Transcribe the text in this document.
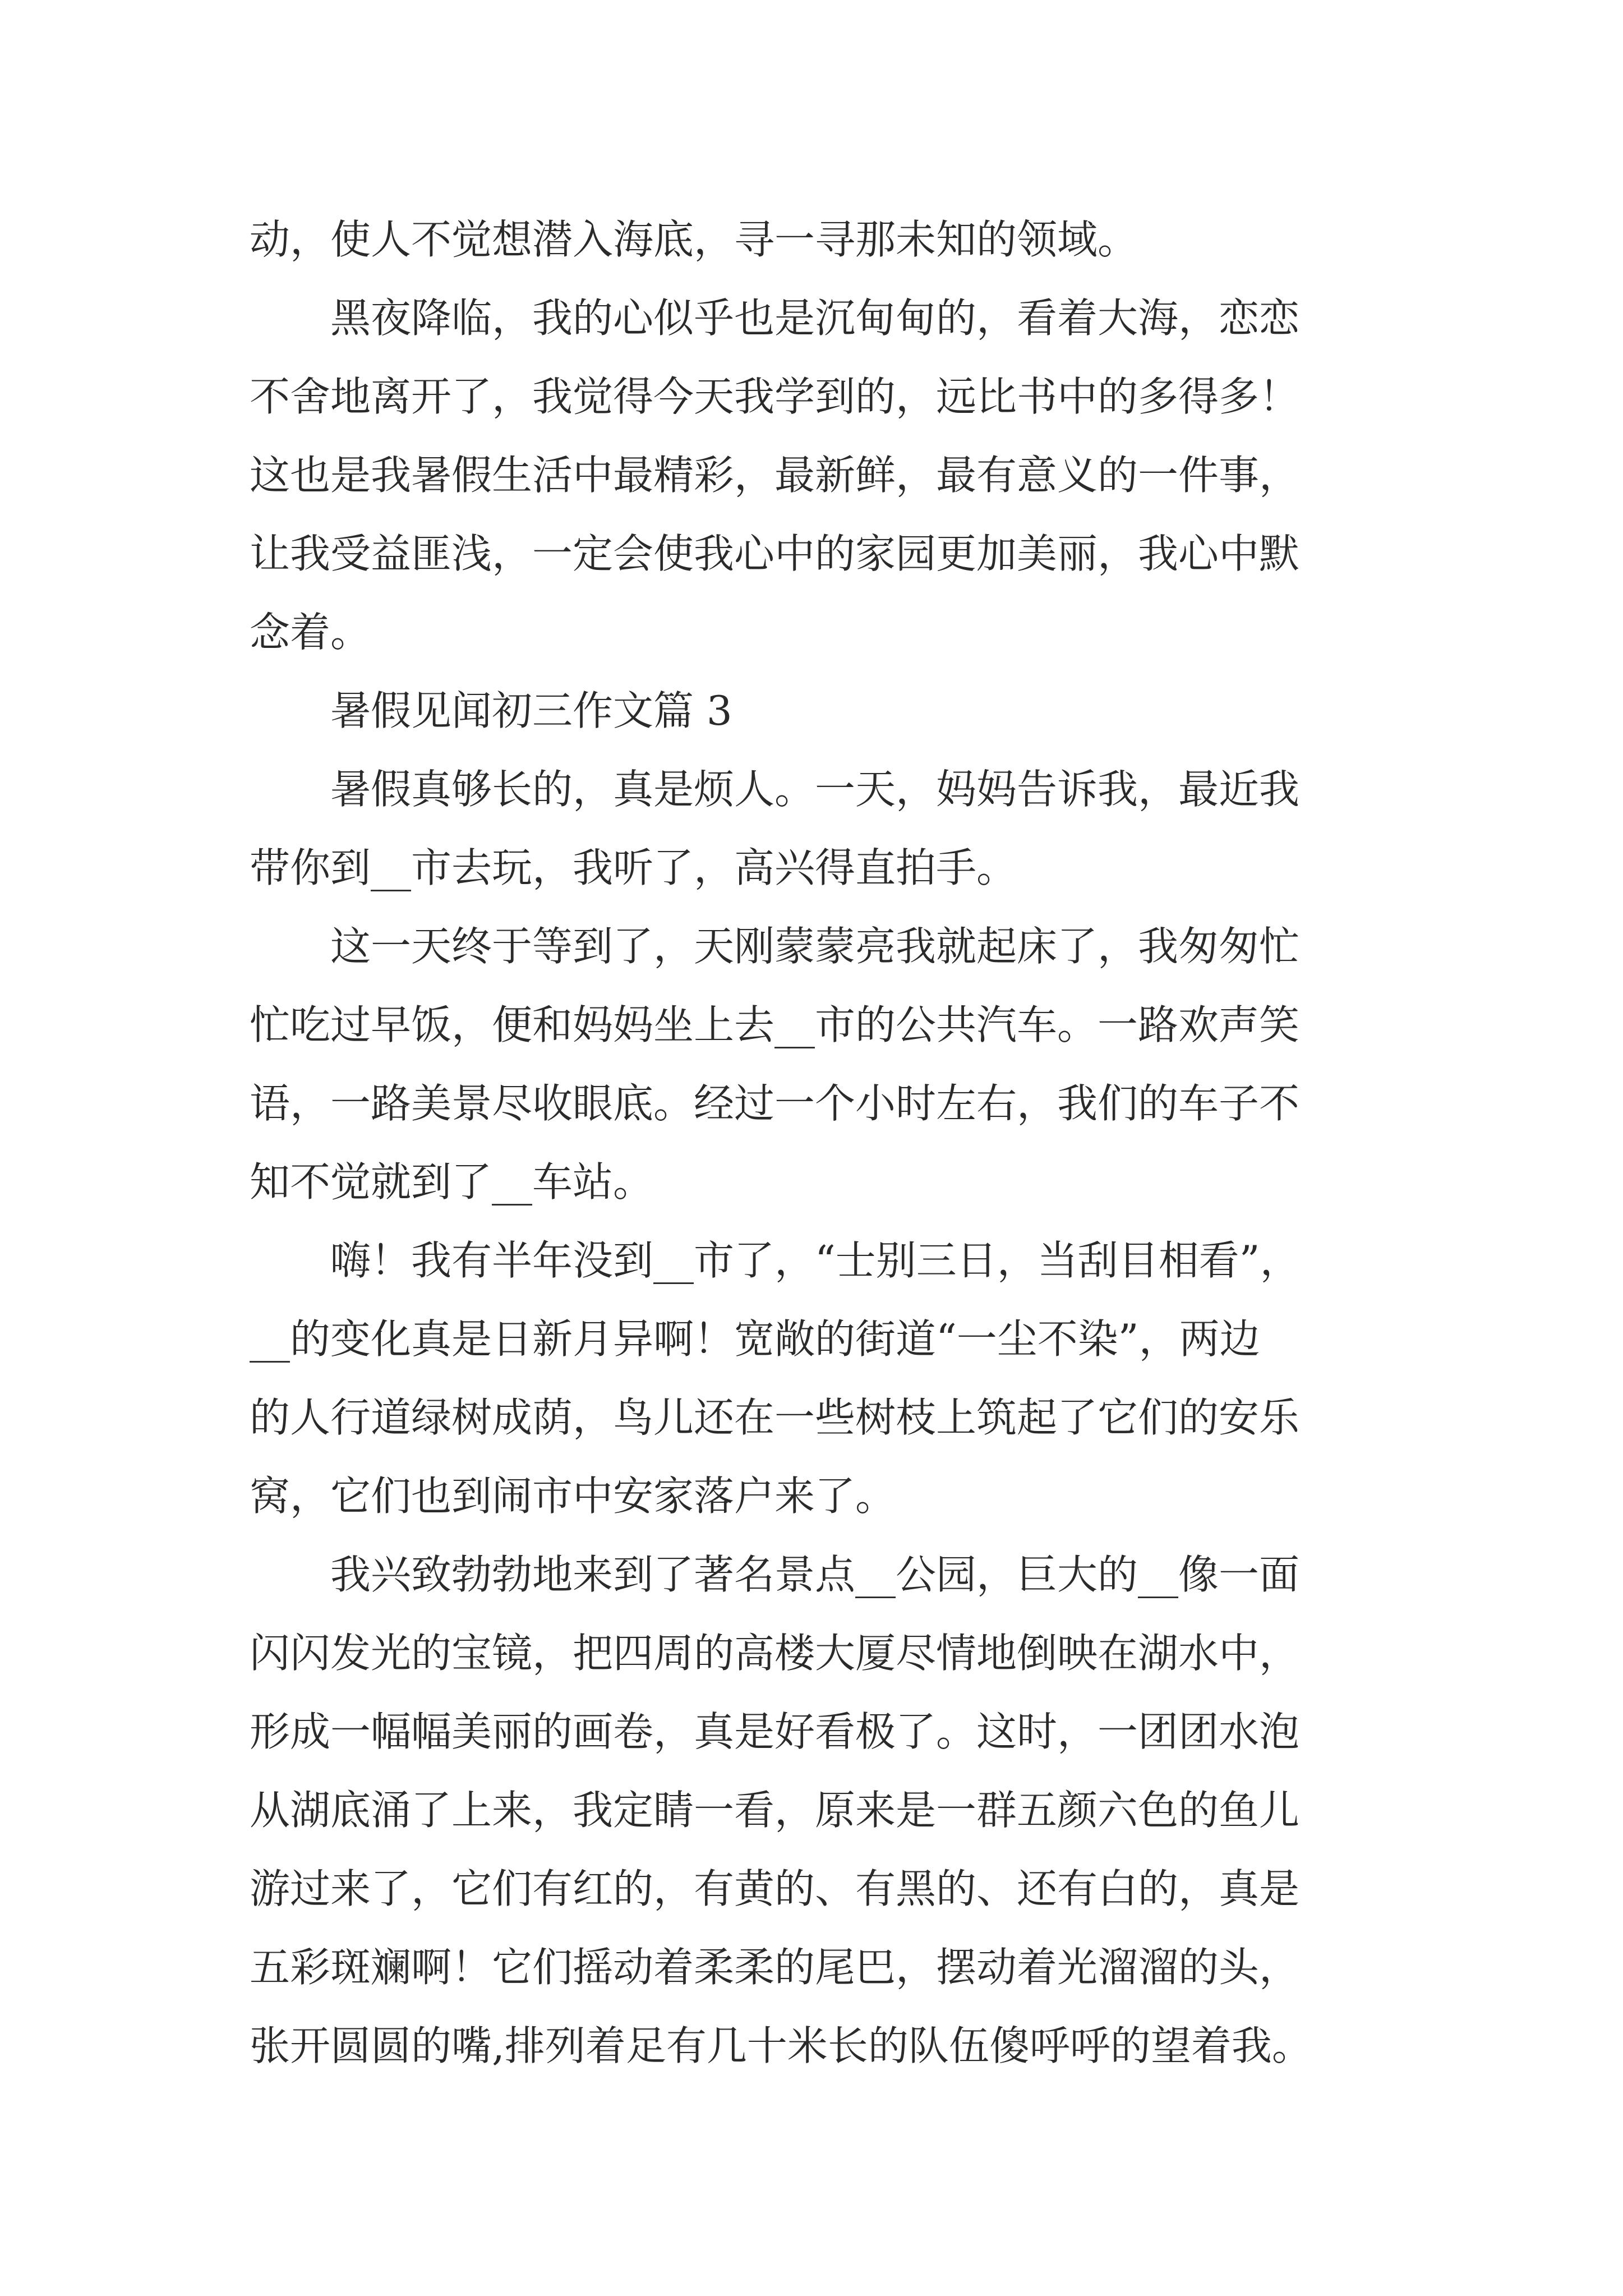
动，使人不觉想潜入海底，寻一寻那未知的领域。
　　黑夜降临，我的心似乎也是沉甸甸的，看着大海，恋恋
不舍地离开了，我觉得今天我学到的，远比书中的多得多！
这也是我暑假生活中最精彩，最新鲜，最有意义的一件事，
让我受益匪浅，一定会使我心中的家园更加美丽，我心中默
念着。
　　暑假见闻初三作文篇 3
　　暑假真够长的，真是烦人。一天，妈妈告诉我，最近我
带你到__市去玩，我听了，高兴得直拍手。
　　这一天终于等到了，天刚蒙蒙亮我就起床了，我匆匆忙
忙吃过早饭，便和妈妈坐上去__市的公共汽车。一路欢声笑
语，一路美景尽收眼底。经过一个小时左右，我们的车子不
知不觉就到了__车站。
　　嗨！我有半年没到__市了，“士别三日，当刮目相看”，
__的变化真是日新月异啊！宽敞的街道“一尘不染”，两边
的人行道绿树成荫，鸟儿还在一些树枝上筑起了它们的安乐
窝，它们也到闹市中安家落户来了。
　　我兴致勃勃地来到了著名景点__公园，巨大的__像一面
闪闪发光的宝镜，把四周的高楼大厦尽情地倒映在湖水中，
形成一幅幅美丽的画卷，真是好看极了。这时，一团团水泡
从湖底涌了上来，我定睛一看，原来是一群五颜六色的鱼儿
游过来了，它们有红的，有黄的、有黑的、还有白的，真是
五彩斑斓啊！它们摇动着柔柔的尾巴，摆动着光溜溜的头，
张开圆圆的嘴,排列着足有几十米长的队伍傻呼呼的望着我。
